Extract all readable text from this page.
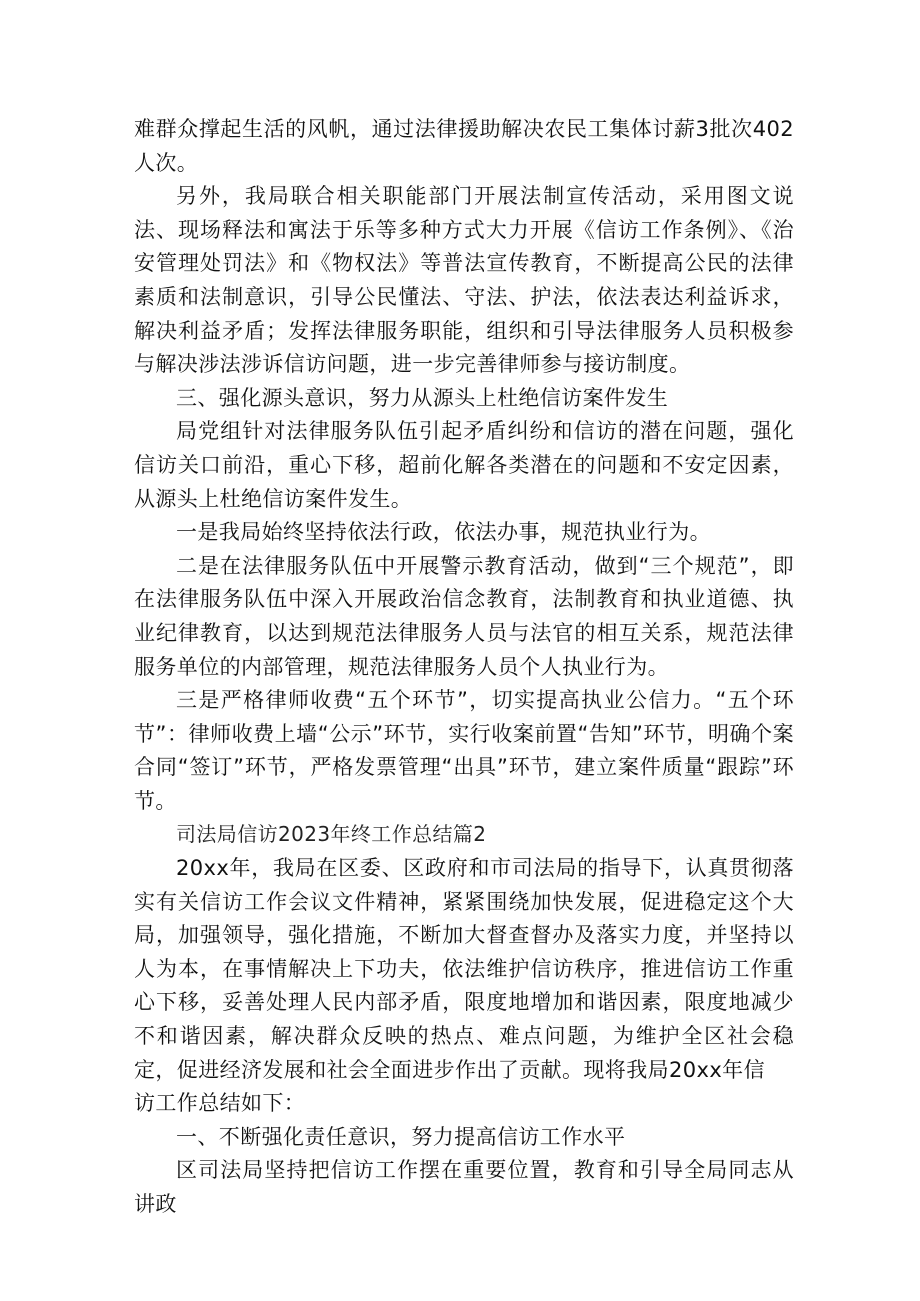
难群众撑起生活的风帆，通过法律援助解决农民工集体讨薪3批次402人次。

另外，我局联合相关职能部门开展法制宣传活动，采用图文说法、现场释法和寓法于乐等多种方式大力开展《信访工作条例》、《治安管理处罚法》和《物权法》等普法宣传教育，不断提高公民的法律素质和法制意识，引导公民懂法、守法、护法，依法表达利益诉求，解决利益矛盾；发挥法律服务职能，组织和引导法律服务人员积极参与解决涉法涉诉信访问题，进一步完善律师参与接访制度。

三、强化源头意识，努力从源头上杜绝信访案件发生

局党组针对法律服务队伍引起矛盾纠纷和信访的潜在问题，强化信访关口前沿，重心下移，超前化解各类潜在的问题和不安定因素，从源头上杜绝信访案件发生。

一是我局始终坚持依法行政，依法办事，规范执业行为。

二是在法律服务队伍中开展警示教育活动，做到“三个规范”，即在法律服务队伍中深入开展政治信念教育，法制教育和执业道德、执业纪律教育，以达到规范法律服务人员与法官的相互关系，规范法律服务单位的内部管理，规范法律服务人员个人执业行为。

三是严格律师收费“五个环节”，切实提高执业公信力。“五个环节”：律师收费上墙“公示”环节，实行收案前置“告知”环节，明确个案合同“签订”环节，严格发票管理“出具”环节，建立案件质量“跟踪”环节。

司法局信访2023年终工作总结篇2

20xx年，我局在区委、区政府和市司法局的指导下，认真贯彻落实有关信访工作会议文件精神，紧紧围绕加快发展，促进稳定这个大局，加强领导，强化措施，不断加大督查督办及落实力度，并坚持以人为本，在事情解决上下功夫，依法维护信访秩序，推进信访工作重心下移，妥善处理人民内部矛盾，限度地增加和谐因素，限度地减少不和谐因素，解决群众反映的热点、难点问题，为维护全区社会稳定，促进经济发展和社会全面进步作出了贡献。现将我局20xx年信

访工作总结如下：

一、不断强化责任意识，努力提高信访工作水平

区司法局坚持把信访工作摆在重要位置，教育和引导全局同志从讲政
